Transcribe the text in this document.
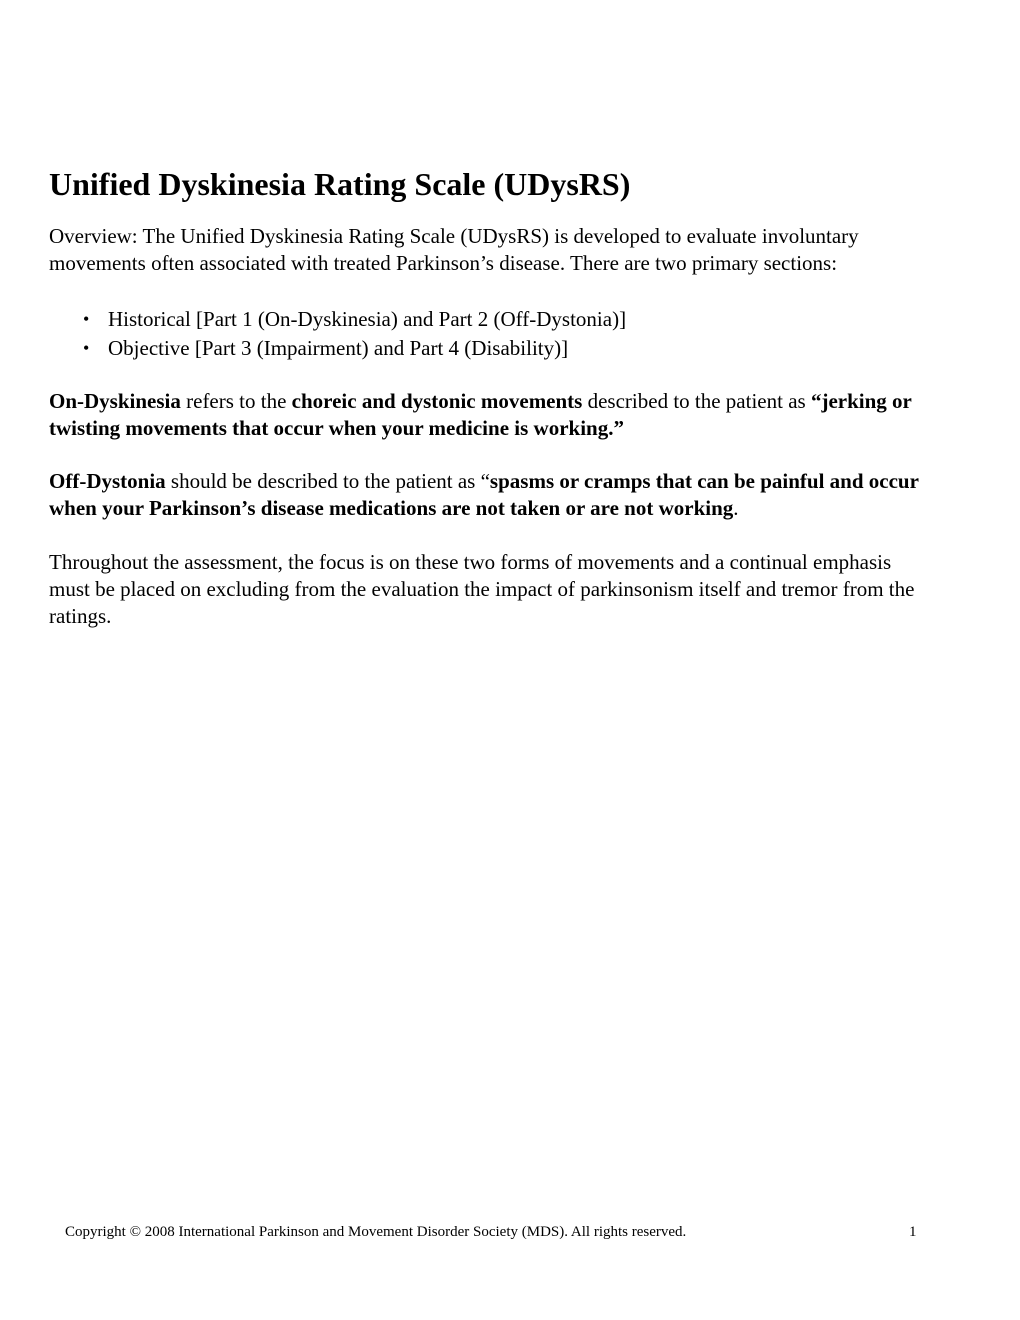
Unified Dyskinesia Rating Scale (UDysRS)

Overview: The Unified Dyskinesia Rating Scale (UDysRS) is developed to evaluate involuntary movements often associated with treated Parkinson’s disease. There are two primary sections:

• Historical [Part 1 (On-Dyskinesia) and Part 2 (Off-Dystonia)]
• Objective [Part 3 (Impairment) and Part 4 (Disability)]

On-Dyskinesia refers to the choreic and dystonic movements described to the patient as “jerking or twisting movements that occur when your medicine is working.”

Off-Dystonia should be described to the patient as “spasms or cramps that can be painful and occur when your Parkinson’s disease medications are not taken or are not working.

Throughout the assessment, the focus is on these two forms of movements and a continual emphasis must be placed on excluding from the evaluation the impact of parkinsonism itself and tremor from the ratings.

Copyright © 2008 International Parkinson and Movement Disorder Society (MDS). All rights reserved.	1
